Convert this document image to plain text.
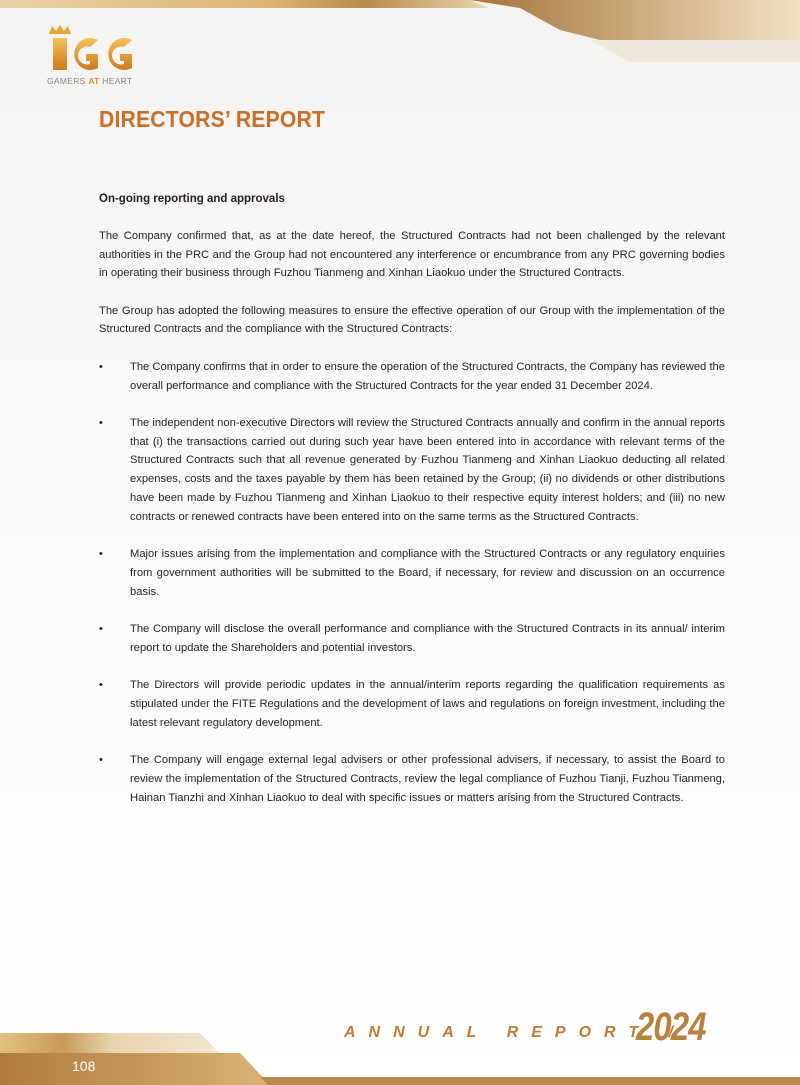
GAMERS AT HEART
DIRECTORS’ REPORT
On-going reporting and approvals

The Company confirmed that, as at the date hereof, the Structured Contracts had not been challenged by the relevant authorities in the PRC and the Group had not encountered any interference or encumbrance from any PRC governing bodies in operating their business through Fuzhou Tianmeng and Xinhan Liaokuo under the Structured Contracts.

The Group has adopted the following measures to ensure the effective operation of our Group with the implementation of the Structured Contracts and the compliance with the Structured Contracts:

• The Company confirms that in order to ensure the operation of the Structured Contracts, the Company has reviewed the overall performance and compliance with the Structured Contracts for the year ended 31 December 2024.
• The independent non-executive Directors will review the Structured Contracts annually and confirm in the annual reports that (i) the transactions carried out during such year have been entered into in accordance with relevant terms of the Structured Contracts such that all revenue generated by Fuzhou Tianmeng and Xinhan Liaokuo deducting all related expenses, costs and the taxes payable by them has been retained by the Group; (ii) no dividends or other distributions have been made by Fuzhou Tianmeng and Xinhan Liaokuo to their respective equity interest holders; and (iii) no new contracts or renewed contracts have been entered into on the same terms as the Structured Contracts.
• Major issues arising from the implementation and compliance with the Structured Contracts or any regulatory enquiries from government authorities will be submitted to the Board, if necessary, for review and discussion on an occurrence basis.
• The Company will disclose the overall performance and compliance with the Structured Contracts in its annual/ interim report to update the Shareholders and potential investors.
• The Directors will provide periodic updates in the annual/interim reports regarding the qualification requirements as stipulated under the FITE Regulations and the development of laws and regulations on foreign investment, including the latest relevant regulatory development.
• The Company will engage external legal advisers or other professional advisers, if necessary, to assist the Board to review the implementation of the Structured Contracts, review the legal compliance of Fuzhou Tianji, Fuzhou Tianmeng, Hainan Tianzhi and Xinhan Liaokuo to deal with specific issues or matters arising from the Structured Contracts.
ANNUAL REPORT /
2024
108
